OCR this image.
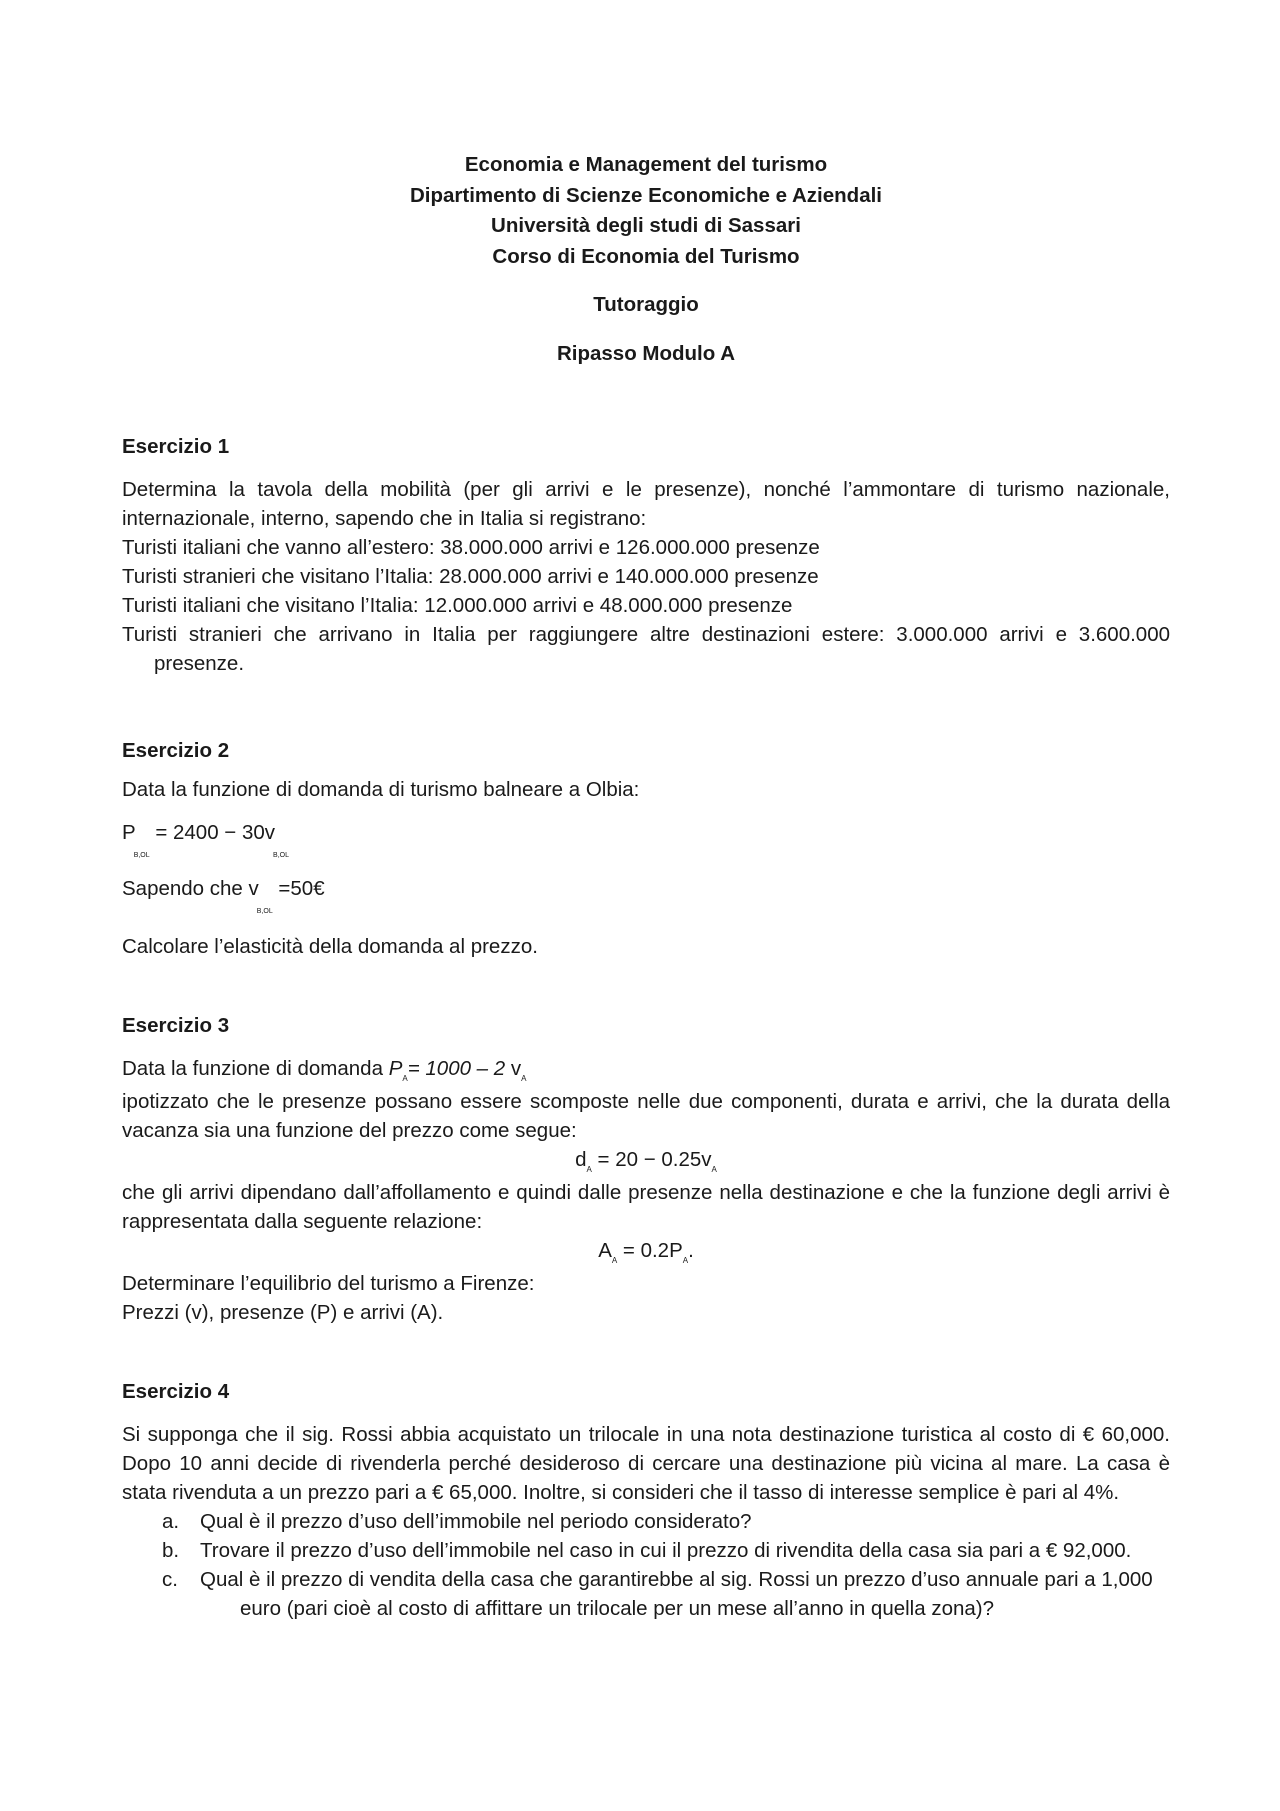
Economia e Management del turismo
Dipartimento di Scienze Economiche e Aziendali
Università degli studi di Sassari
Corso di Economia del Turismo
Tutoraggio
Ripasso Modulo A
Esercizio 1

Determina la tavola della mobilità (per gli arrivi e le presenze), nonché l’ammontare di turismo nazionale, internazionale, interno, sapendo che in Italia si registrano:

Turisti italiani che vanno all’estero: 38.000.000 arrivi e 126.000.000 presenze

Turisti stranieri che visitano l’Italia: 28.000.000 arrivi e 140.000.000 presenze

Turisti italiani che visitano l’Italia: 12.000.000 arrivi e 48.000.000 presenze

Turisti stranieri che arrivano in Italia per raggiungere altre destinazioni estere: 3.000.000 arrivi e 3.600.000 presenze.

Esercizio 2

Data la funzione di domanda di turismo balneare a Olbia:

$P_{B,OL} = 2400 - 30v_{B,OL}$

Sapendo che $v_{B,OL}$ =50€

Calcolare l’elasticità della domanda al prezzo.

Esercizio 3

Data la funzione di domanda $P_A= 1000 - 2$ $v_A$

ipotizzato che le presenze possano essere scomposte nelle due componenti, durata e arrivi, che la durata della vacanza sia una funzione del prezzo come segue:

$d_A = 20 - 0.25v_A$

che gli arrivi dipendano dall’affollamento e quindi dalle presenze nella destinazione e che la funzione degli arrivi è rappresentata dalla seguente relazione:

$A_A = 0.2P_A$.

Determinare l’equilibrio del turismo a Firenze:

Prezzi (v), presenze (P) e arrivi (A).

Esercizio 4

Si supponga che il sig. Rossi abbia acquistato un trilocale in una nota destinazione turistica al costo di € 60,000. Dopo 10 anni decide di rivenderla perché desideroso di cercare una destinazione più vicina al mare. La casa è stata rivenduta a un prezzo pari a € 65,000. Inoltre, si consideri che il tasso di interesse semplice è pari al 4%.

a. Qual è il prezzo d’uso dell’immobile nel periodo considerato?
b. Trovare il prezzo d’uso dell’immobile nel caso in cui il prezzo di rivendita della casa sia pari a € 92,000.
c. Qual è il prezzo di vendita della casa che garantirebbe al sig. Rossi un prezzo d’uso annuale pari a 1,000 euro (pari cioè al costo di affittare un trilocale per un mese all’anno in quella zona)?
